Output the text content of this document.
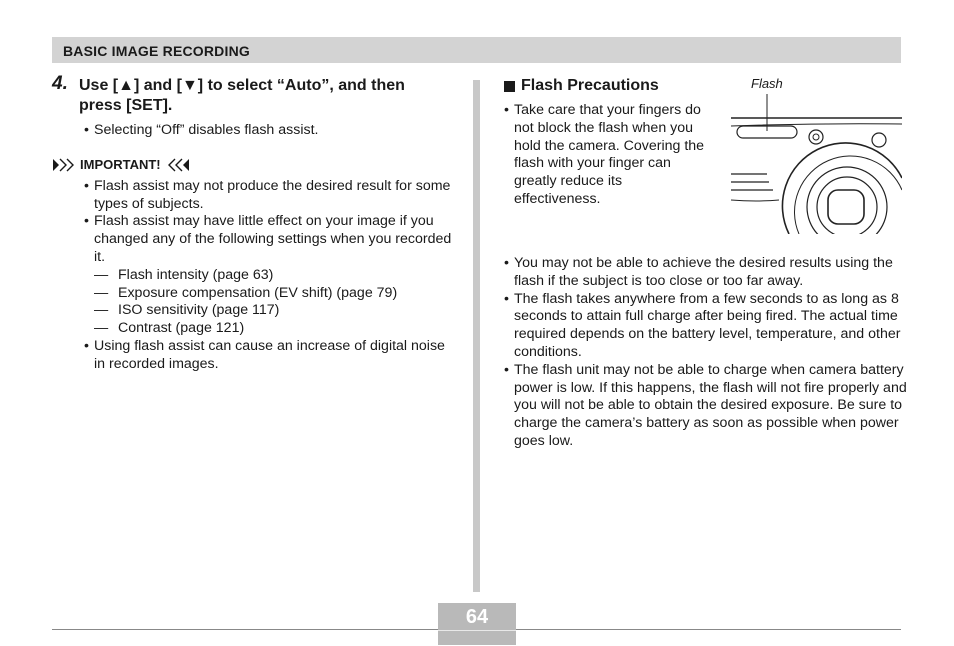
BASIC IMAGE RECORDING
4. Use [▲] and [▼] to select “Auto”, and then press [SET].
• Selecting “Off” disables flash assist.
IMPORTANT!
• Flash assist may not produce the desired result for some types of subjects.
• Flash assist may have little effect on your image if you changed any of the following settings when you recorded it.
— Flash intensity (page 63)
— Exposure compensation (EV shift) (page 79)
— ISO sensitivity (page 117)
— Contrast (page 121)
• Using flash assist can cause an increase of digital noise in recorded images.
Flash Precautions
• Take care that your fingers do not block the flash when you hold the camera. Covering the flash with your finger can greatly reduce its effectiveness.
Flash
• You may not be able to achieve the desired results using the flash if the subject is too close or too far away.
• The flash takes anywhere from a few seconds to as long as 8 seconds to attain full charge after being fired. The actual time required depends on the battery level, temperature, and other conditions.
• The flash unit may not be able to charge when camera battery power is low. If this happens, the flash will not fire properly and you will not be able to obtain the desired exposure. Be sure to charge the camera’s battery as soon as possible when power goes low.
64
